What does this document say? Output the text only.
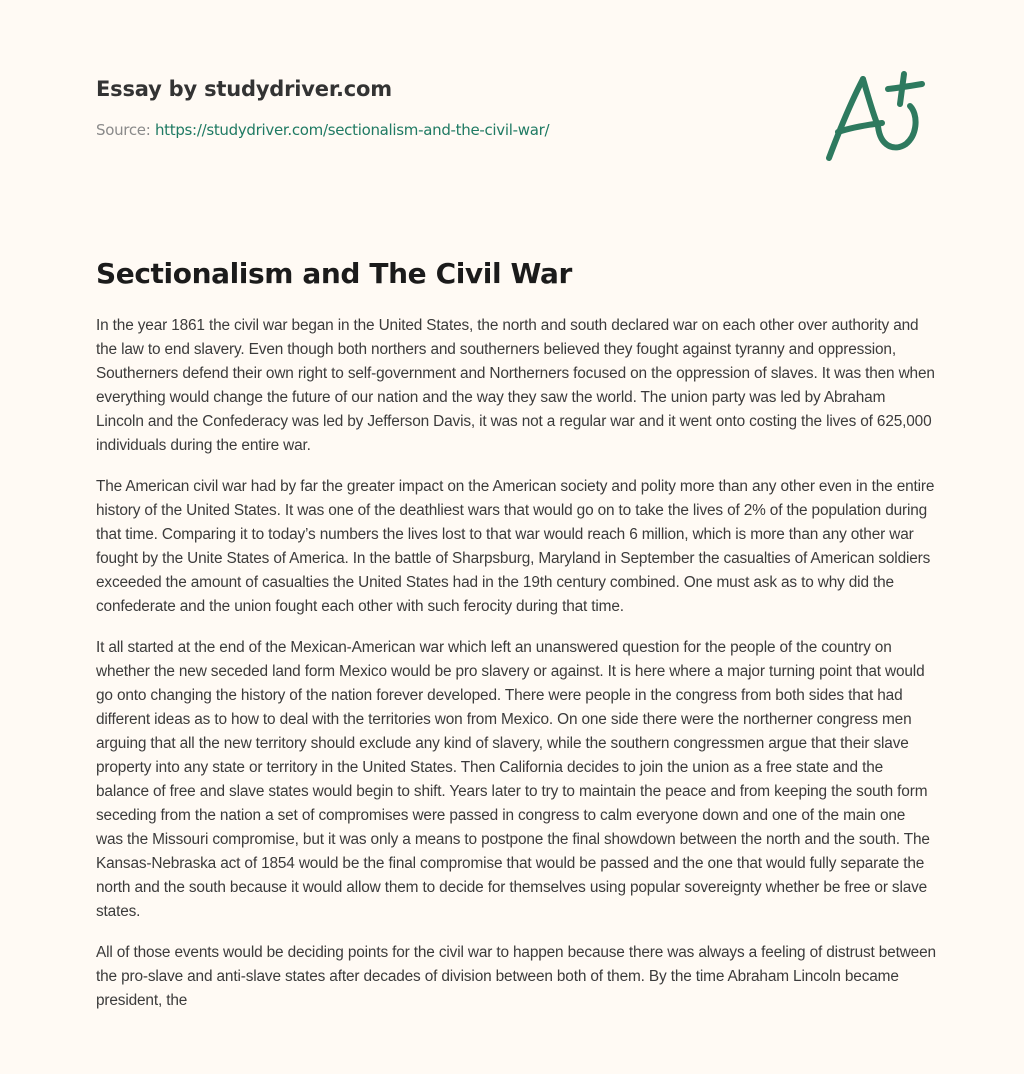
Essay by studydriver.com
Source: https://studydriver.com/sectionalism-and-the-civil-war/
Sectionalism and The Civil War

In the year 1861 the civil war began in the United States, the north and south declared war on each other over authority and the law to end slavery. Even though both northers and southerners believed they fought against tyranny and oppression, Southerners defend their own right to self-government and Northerners focused on the oppression of slaves. It was then when everything would change the future of our nation and the way they saw the world. The union party was led by Abraham Lincoln and the Confederacy was led by Jefferson Davis, it was not a regular war and it went onto costing the lives of 625,000 individuals during the entire war.

The American civil war had by far the greater impact on the American society and polity more than any other even in the entire history of the United States. It was one of the deathliest wars that would go on to take the lives of 2% of the population during that time. Comparing it to today’s numbers the lives lost to that war would reach 6 million, which is more than any other war fought by the Unite States of America. In the battle of Sharpsburg, Maryland in September the casualties of American soldiers exceeded the amount of casualties the United States had in the 19th century combined. One must ask as to why did the confederate and the union fought each other with such ferocity during that time.

It all started at the end of the Mexican-American war which left an unanswered question for the people of the country on whether the new seceded land form Mexico would be pro slavery or against. It is here where a major turning point that would go onto changing the history of the nation forever developed. There were people in the congress from both sides that had different ideas as to how to deal with the territories won from Mexico. On one side there were the northerner congress men arguing that all the new territory should exclude any kind of slavery, while the southern congressmen argue that their slave property into any state or territory in the United States. Then California decides to join the union as a free state and the balance of free and slave states would begin to shift. Years later to try to maintain the peace and from keeping the south form seceding from the nation a set of compromises were passed in congress to calm everyone down and one of the main one was the Missouri compromise, but it was only a means to postpone the final showdown between the north and the south. The Kansas-Nebraska act of 1854 would be the final compromise that would be passed and the one that would fully separate the north and the south because it would allow them to decide for themselves using popular sovereignty whether be free or slave states.

All of those events would be deciding points for the civil war to happen because there was always a feeling of distrust between the pro-slave and anti-slave states after decades of division between both of them. By the time Abraham Lincoln became president, the
